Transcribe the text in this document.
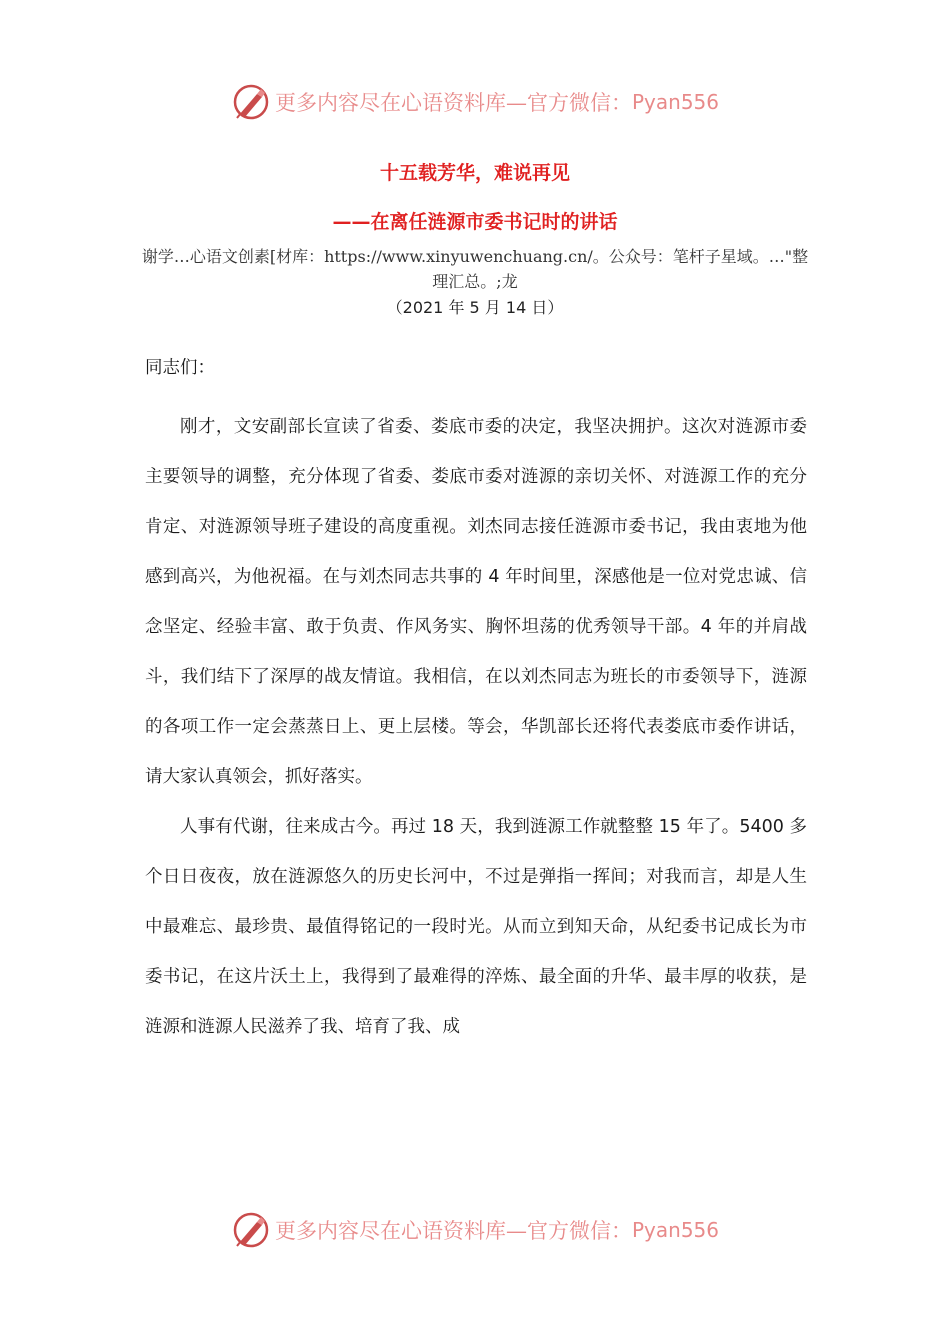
更多内容尽在心语资料库—官方微信： Pyan556
十五载芳华，难说再见
——在离任涟源市委书记时的讲话

谢学…心语文创素[材库：https://www.xinyuwenchuang.cn/。公众号：笔杆子星域。…"整理汇总。;龙

（2021 年 5 月 14 日）

同志们：

刚才，文安副部长宣读了省委、娄底市委的决定，我坚决拥护。这次对涟源市委主要领导的调整，充分体现了省委、娄底市委对涟源的亲切关怀、对涟源工作的充分肯定、对涟源领导班子建设的高度重视。刘杰同志接任涟源市委书记，我由衷地为他感到高兴，为他祝福。在与刘杰同志共事的 4 年时间里，深感他是一位对党忠诚、信念坚定、经验丰富、敢于负责、作风务实、胸怀坦荡的优秀领导干部。4 年的并肩战斗，我们结下了深厚的战友情谊。我相信，在以刘杰同志为班长的市委领导下，涟源的各项工作一定会蒸蒸日上、更上层楼。等会，华凯部长还将代表娄底市委作讲话，请大家认真领会，抓好落实。

人事有代谢，往来成古今。再过 18 天，我到涟源工作就整整 15 年了。5400 多个日日夜夜，放在涟源悠久的历史长河中，不过是弹指一挥间；对我而言，却是人生中最难忘、最珍贵、最值得铭记的一段时光。从而立到知天命，从纪委书记成长为市委书记，在这片沃土上，我得到了最难得的淬炼、最全面的升华、最丰厚的收获，是涟源和涟源人民滋养了我、培育了我、成

更多内容尽在心语资料库—官方微信： Pyan556
